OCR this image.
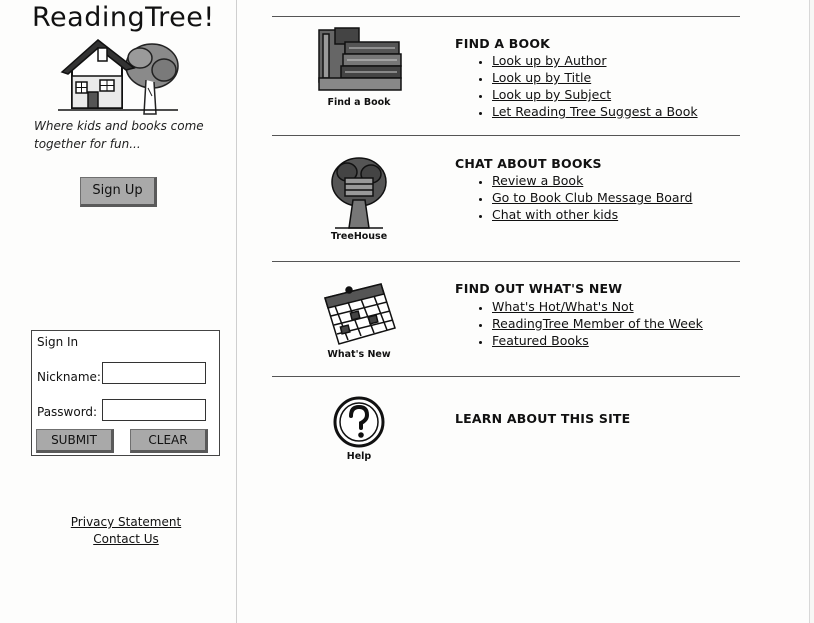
ReadingTree!
Where kids and books come together for fun...
Sign Up
Sign In
Nickname:
Password:
SUBMIT	CLEAR
Privacy Statement
Contact Us
Find a Book
FIND A BOOK
• Look up by Author
• Look up by Title
• Look up by Subject
• Let Reading Tree Suggest a Book
TreeHouse
CHAT ABOUT BOOKS
• Review a Book
• Go to Book Club Message Board
• Chat with other kids
What's New
FIND OUT WHAT'S NEW
• What's Hot/What's Not
• ReadingTree Member of the Week
• Featured Books
Help
LEARN ABOUT THIS SITE
